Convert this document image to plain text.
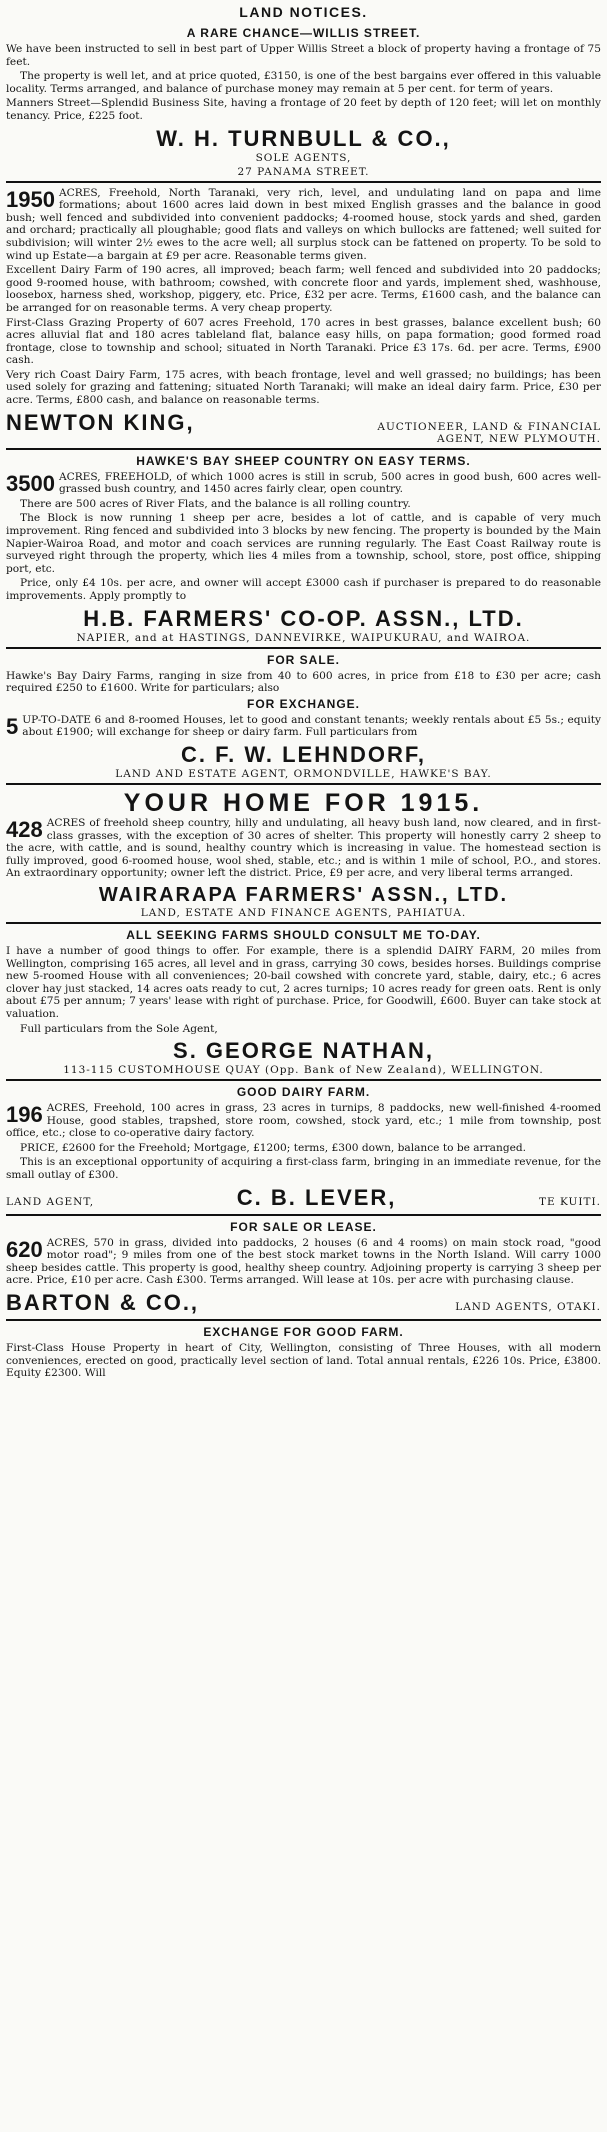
LAND NOTICES.
A RARE CHANCE—WILLIS STREET.

We have been instructed to sell in best part of Upper Willis Street a block of property having a frontage of 75 feet.

The property is well let, and at price quoted, £3150, is one of the best bargains ever offered in this valuable locality. Terms arranged, and balance of purchase money may remain at 5 per cent. for term of years.

Manners Street—Splendid Business Site, having a frontage of 20 feet by depth of 120 feet; will let on monthly tenancy. Price, £225 foot.

W. H. TURNBULL & CO.,
SOLE AGENTS,
27 PANAMA STREET.

1950 ACRES, Freehold, North Taranaki, very rich, level, and undulating land on papa and lime formations; about 1600 acres laid down in best mixed English grasses and the balance in good bush; well fenced and subdivided into convenient paddocks; 4-roomed house, stock yards and shed, garden and orchard; practically all ploughable; good flats and valleys on which bullocks are fattened; well suited for subdivision; will winter 2½ ewes to the acre well; all surplus stock can be fattened on property. To be sold to wind up Estate—a bargain at £9 per acre. Reasonable terms given.

Excellent Dairy Farm of 190 acres, all improved; beach farm; well fenced and subdivided into 20 paddocks; good 9-roomed house, with bathroom; cowshed, with concrete floor and yards, implement shed, washhouse, loosebox, harness shed, workshop, piggery, etc. Price, £32 per acre. Terms, £1600 cash, and the balance can be arranged for on reasonable terms. A very cheap property.

First-Class Grazing Property of 607 acres Freehold, 170 acres in best grasses, balance excellent bush; 60 acres alluvial flat and 180 acres tableland flat, balance easy hills, on papa formation; good formed road frontage, close to township and school; situated in North Taranaki. Price £3 17s. 6d. per acre. Terms, £900 cash.

Very rich Coast Dairy Farm, 175 acres, with beach frontage, level and well grassed; no buildings; has been used solely for grazing and fattening; situated North Taranaki; will make an ideal dairy farm. Price, £30 per acre. Terms, £800 cash, and balance on reasonable terms.

NEWTON KING,	AUCTIONEER, LAND & FINANCIAL AGENT, NEW PLYMOUTH.
HAWKE'S BAY SHEEP COUNTRY ON EASY TERMS.

3500 ACRES, FREEHOLD, of which 1000 acres is still in scrub, 500 acres in good bush, 600 acres well-grassed bush country, and 1450 acres fairly clear, open country.

There are 500 acres of River Flats, and the balance is all rolling country.

The Block is now running 1 sheep per acre, besides a lot of cattle, and is capable of very much improvement. Ring fenced and subdivided into 3 blocks by new fencing. The property is bounded by the Main Napier-Wairoa Road, and motor and coach services are running regularly. The East Coast Railway route is surveyed right through the property, which lies 4 miles from a township, school, store, post office, shipping port, etc.

Price, only £4 10s. per acre, and owner will accept £3000 cash if purchaser is prepared to do reasonable improvements. Apply promptly to

H.B. FARMERS' CO-OP. ASSN., LTD.
NAPIER, and at HASTINGS, DANNEVIRKE, WAIPUKURAU, and WAIROA.
FOR SALE.

Hawke's Bay Dairy Farms, ranging in size from 40 to 600 acres, in price from £18 to £30 per acre; cash required £250 to £1600. Write for particulars; also

FOR EXCHANGE.

5 UP-TO-DATE 6 and 8-roomed Houses, let to good and constant tenants; weekly rentals about £5 5s.; equity about £1900; will exchange for sheep or dairy farm. Full particulars from

C. F. W. LEHNDORF,
LAND AND ESTATE AGENT, ORMONDVILLE, HAWKE'S BAY.
YOUR HOME FOR 1915.

428 ACRES of freehold sheep country, hilly and undulating, all heavy bush land, now cleared, and in first-class grasses, with the exception of 30 acres of shelter. This property will honestly carry 2 sheep to the acre, with cattle, and is sound, healthy country which is increasing in value. The homestead section is fully improved, good 6-roomed house, wool shed, stable, etc.; and is within 1 mile of school, P.O., and stores. An extraordinary opportunity; owner left the district. Price, £9 per acre, and very liberal terms arranged.

WAIRARAPA FARMERS' ASSN., LTD.
LAND, ESTATE AND FINANCE AGENTS, PAHIATUA.
ALL SEEKING FARMS SHOULD CONSULT ME TO-DAY.

I have a number of good things to offer. For example, there is a splendid DAIRY FARM, 20 miles from Wellington, comprising 165 acres, all level and in grass, carrying 30 cows, besides horses. Buildings comprise new 5-roomed House with all conveniences; 20-bail cowshed with concrete yard, stable, dairy, etc.; 6 acres clover hay just stacked, 14 acres oats ready to cut, 2 acres turnips; 10 acres ready for green oats. Rent is only about £75 per annum; 7 years' lease with right of purchase. Price, for Goodwill, £600. Buyer can take stock at valuation.

Full particulars from the Sole Agent,

S. GEORGE NATHAN,
113-115 CUSTOMHOUSE QUAY (Opp. Bank of New Zealand), WELLINGTON.
GOOD DAIRY FARM.

196 ACRES, Freehold, 100 acres in grass, 23 acres in turnips, 8 paddocks, new well-finished 4-roomed House, good stables, trapshed, store room, cowshed, stock yard, etc.; 1 mile from township, post office, etc.; close to co-operative dairy factory.

PRICE, £2600 for the Freehold; Mortgage, £1200; terms, £300 down, balance to be arranged.

This is an exceptional opportunity of acquiring a first-class farm, bringing in an immediate revenue, for the small outlay of £300.

LAND AGENT,	C. B. LEVER,	TE KUITI.
FOR SALE OR LEASE.

620 ACRES, 570 in grass, divided into paddocks, 2 houses (6 and 4 rooms) on main stock road, "good motor road"; 9 miles from one of the best stock market towns in the North Island. Will carry 1000 sheep besides cattle. This property is good, healthy sheep country. Adjoining property is carrying 3 sheep per acre. Price, £10 per acre. Cash £300. Terms arranged. Will lease at 10s. per acre with purchasing clause.

BARTON & CO.,	LAND AGENTS, OTAKI.
EXCHANGE FOR GOOD FARM.

First-Class House Property in heart of City, Wellington, consisting of Three Houses, with all modern conveniences, erected on good, practically level section of land. Total annual rentals, £226 10s. Price, £3800. Equity £2300. Will
